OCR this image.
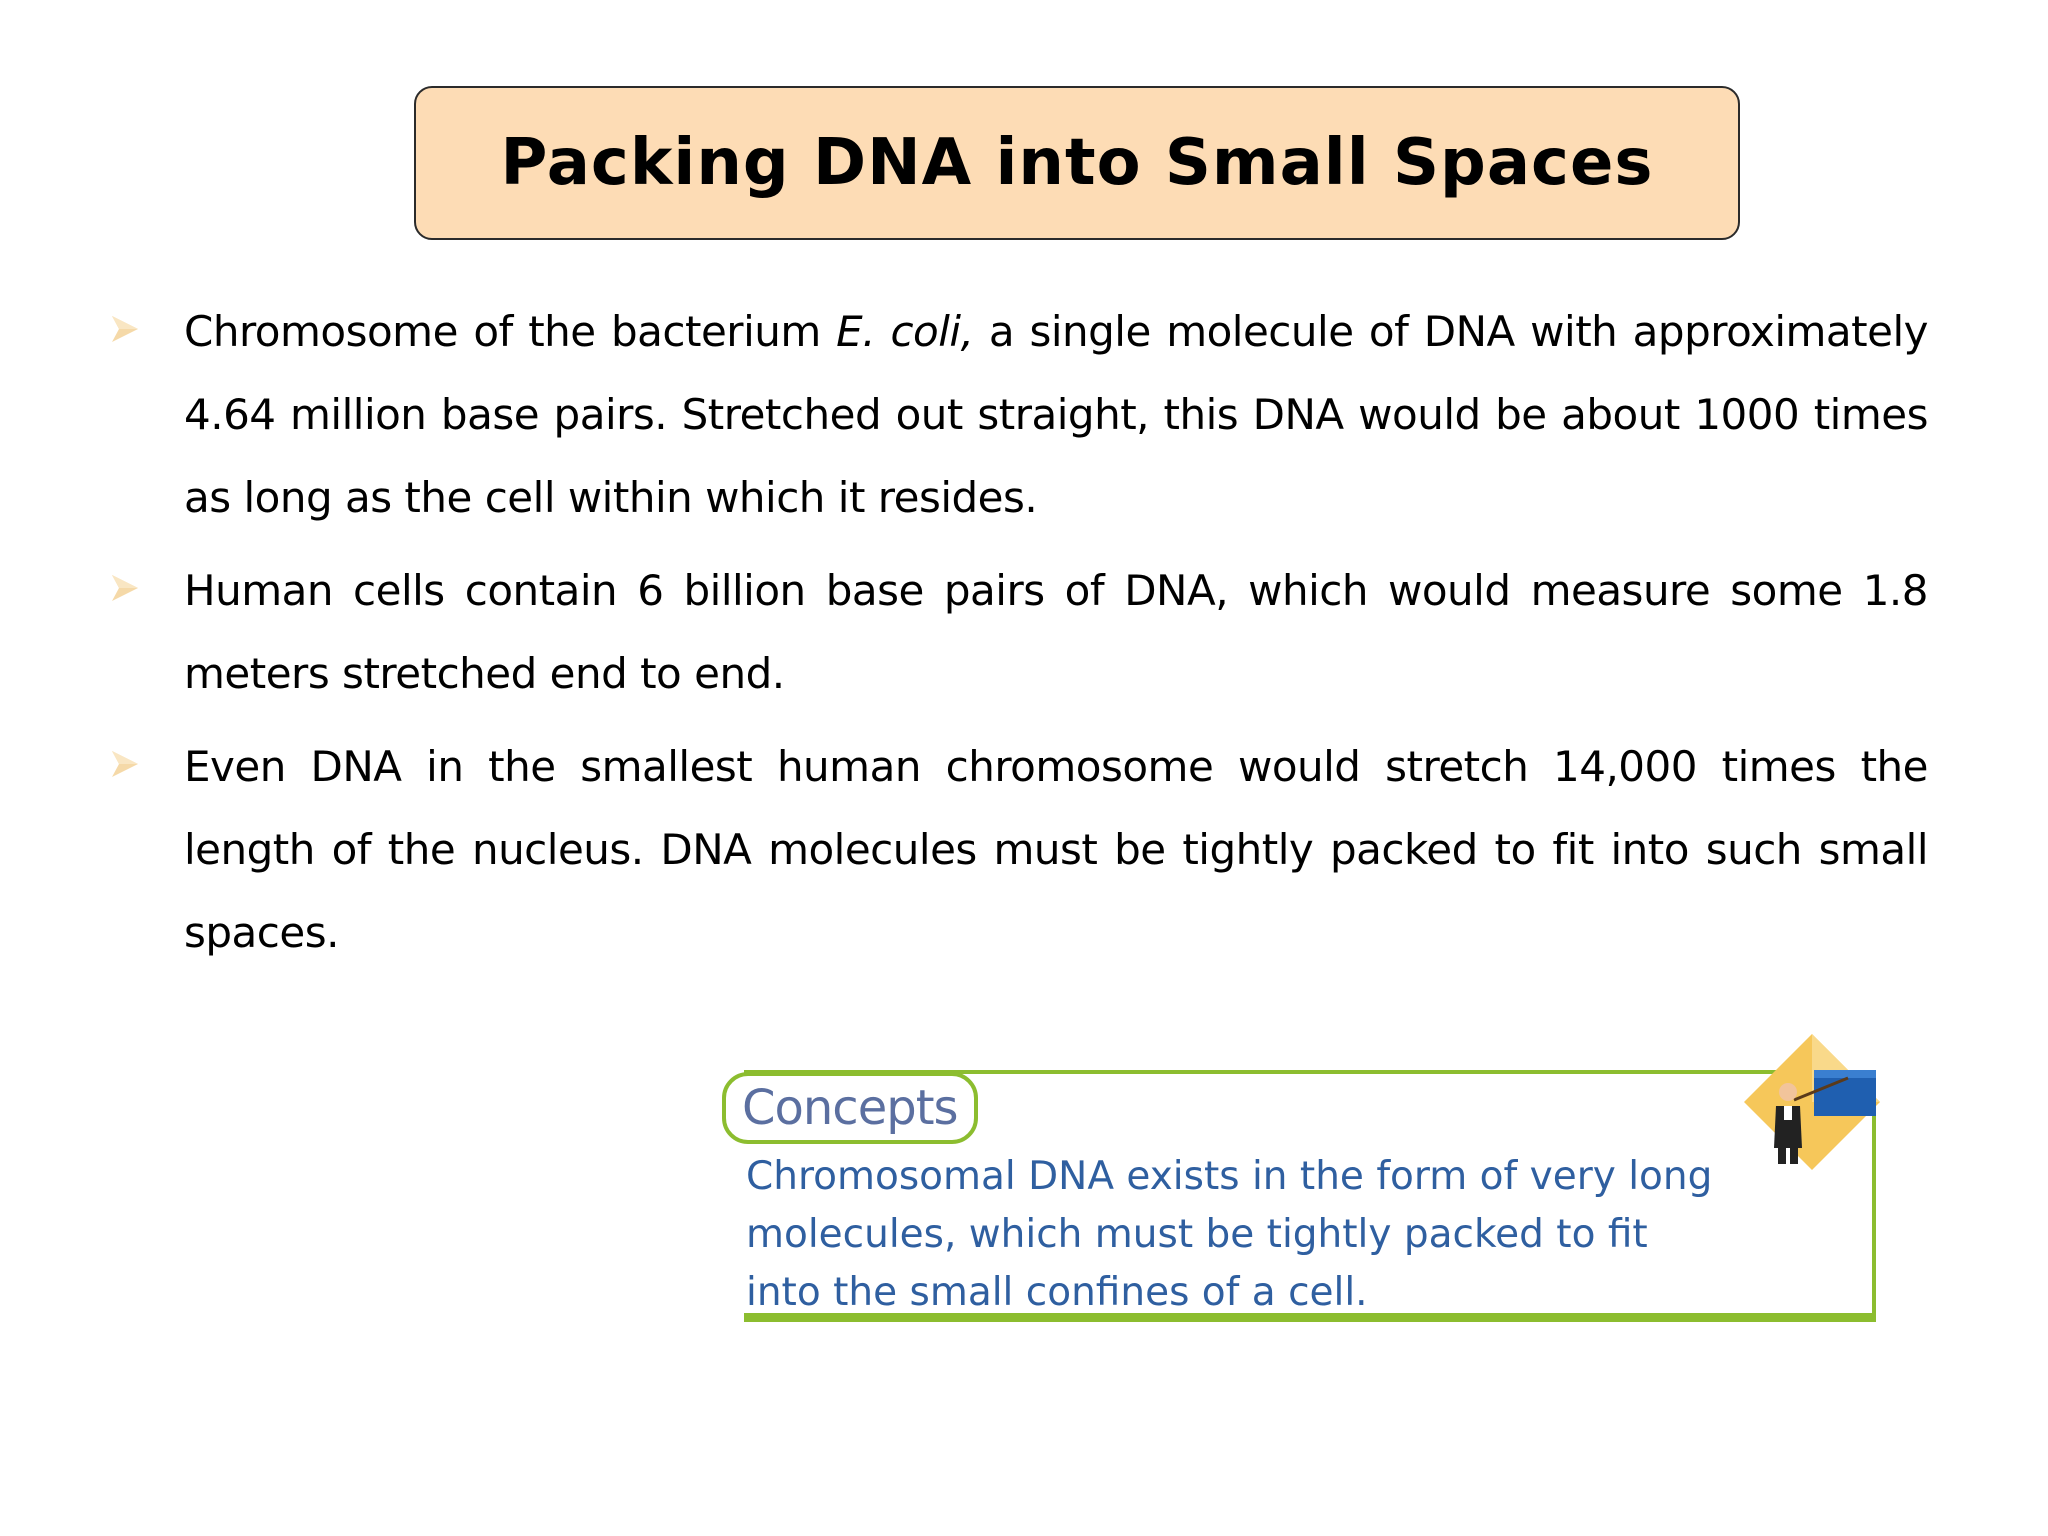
Packing DNA into Small Spaces
Chromosome of the bacterium E. coli, a single molecule of DNA with approximately 4.64 million base pairs. Stretched out straight, this DNA would be about 1000 times as long as the cell within which it resides.
Human cells contain 6 billion base pairs of DNA, which would measure some 1.8 meters stretched end to end.
Even DNA in the smallest human chromosome would stretch 14,000 times the length of the nucleus. DNA molecules must be tightly packed to fit into such small spaces.
Concepts
Chromosomal DNA exists in the form of very long
molecules, which must be tightly packed to fit
into the small confines of a cell.
